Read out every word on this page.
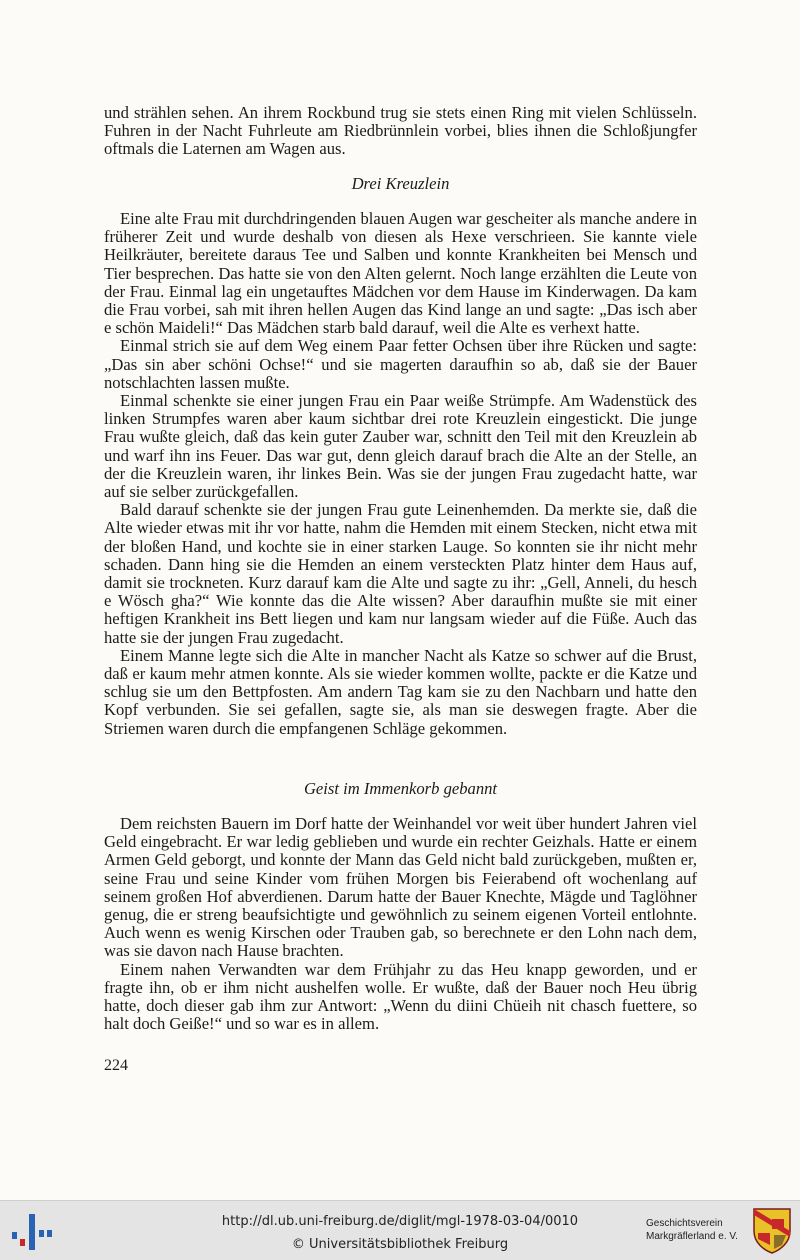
und strählen sehen. An ihrem Rockbund trug sie stets einen Ring mit vielen Schlüsseln. Fuhren in der Nacht Fuhrleute am Riedbrünnlein vorbei, blies ihnen die Schloßjungfer oftmals die Laternen am Wagen aus.

Drei Kreuzlein

Eine alte Frau mit durchdringenden blauen Augen war gescheiter als manche andere in früherer Zeit und wurde deshalb von diesen als Hexe verschrieen. Sie kannte viele Heilkräuter, bereitete daraus Tee und Salben und konnte Krankheiten bei Mensch und Tier besprechen. Das hatte sie von den Alten gelernt. Noch lange erzählten die Leute von der Frau. Einmal lag ein ungetauftes Mädchen vor dem Hause im Kinderwagen. Da kam die Frau vorbei, sah mit ihren hellen Augen das Kind lange an und sagte: „Das isch aber e schön Maideli!“ Das Mädchen starb bald darauf, weil die Alte es verhext hatte.

Einmal strich sie auf dem Weg einem Paar fetter Ochsen über ihre Rücken und sagte: „Das sin aber schöni Ochse!“ und sie magerten daraufhin so ab, daß sie der Bauer notschlachten lassen mußte.

Einmal schenkte sie einer jungen Frau ein Paar weiße Strümpfe. Am Wadenstück des linken Strumpfes waren aber kaum sichtbar drei rote Kreuzlein eingestickt. Die junge Frau wußte gleich, daß das kein guter Zauber war, schnitt den Teil mit den Kreuzlein ab und warf ihn ins Feuer. Das war gut, denn gleich darauf brach die Alte an der Stelle, an der die Kreuzlein waren, ihr linkes Bein. Was sie der jungen Frau zugedacht hatte, war auf sie selber zurückgefallen.

Bald darauf schenkte sie der jungen Frau gute Leinenhemden. Da merkte sie, daß die Alte wieder etwas mit ihr vor hatte, nahm die Hemden mit einem Stecken, nicht etwa mit der bloßen Hand, und kochte sie in einer starken Lauge. So konnten sie ihr nicht mehr schaden. Dann hing sie die Hemden an einem versteckten Platz hinter dem Haus auf, damit sie trockneten. Kurz darauf kam die Alte und sagte zu ihr: „Gell, Anneli, du hesch e Wösch gha?“ Wie konnte das die Alte wissen? Aber daraufhin mußte sie mit einer heftigen Krankheit ins Bett liegen und kam nur langsam wieder auf die Füße. Auch das hatte sie der jungen Frau zugedacht.

Einem Manne legte sich die Alte in mancher Nacht als Katze so schwer auf die Brust, daß er kaum mehr atmen konnte. Als sie wieder kommen wollte, packte er die Katze und schlug sie um den Bettpfosten. Am andern Tag kam sie zu den Nachbarn und hatte den Kopf verbunden. Sie sei gefallen, sagte sie, als man sie deswegen fragte. Aber die Striemen waren durch die empfangenen Schläge gekommen.

Geist im Immenkorb gebannt

Dem reichsten Bauern im Dorf hatte der Weinhandel vor weit über hundert Jahren viel Geld eingebracht. Er war ledig geblieben und wurde ein rechter Geizhals. Hatte er einem Armen Geld geborgt, und konnte der Mann das Geld nicht bald zurückgeben, mußten er, seine Frau und seine Kinder vom frühen Morgen bis Feierabend oft wochenlang auf seinem großen Hof abverdienen. Darum hatte der Bauer Knechte, Mägde und Taglöhner genug, die er streng beaufsichtigte und gewöhnlich zu seinem eigenen Vorteil entlohnte. Auch wenn es wenig Kirschen oder Trauben gab, so berechnete er den Lohn nach dem, was sie davon nach Hause brachten.

Einem nahen Verwandten war dem Frühjahr zu das Heu knapp geworden, und er fragte ihn, ob er ihm nicht aushelfen wolle. Er wußte, daß der Bauer noch Heu übrig hatte, doch dieser gab ihm zur Antwort: „Wenn du diini Chüeih nit chasch fuettere, so halt doch Geiße!“ und so war es in allem.

224
http://dl.ub.uni-freiburg.de/diglit/mgl-1978-03-04/0010
© Universitätsbibliothek Freiburg
Geschichtsverein
Markgräflerland e. V.
